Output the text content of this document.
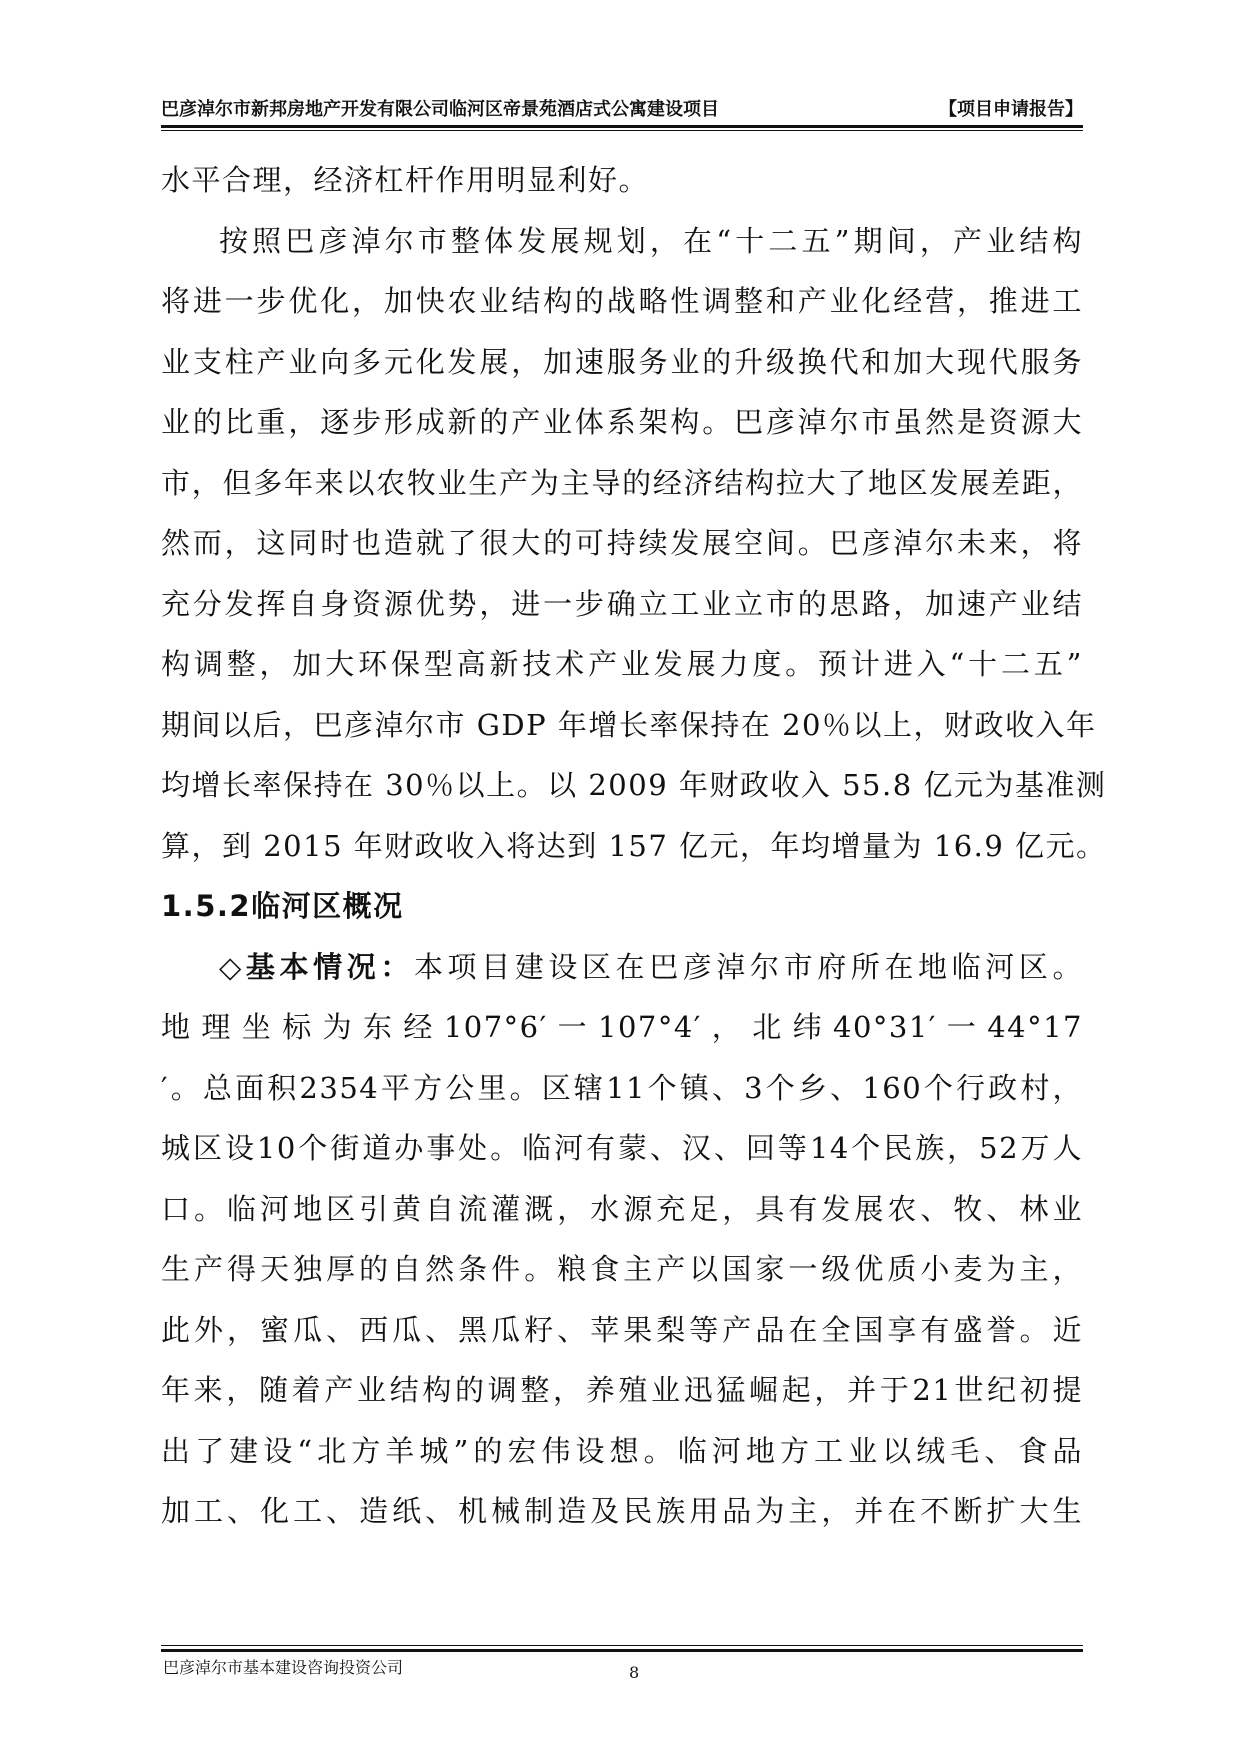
巴彦淖尔市新邦房地产开发有限公司临河区帝景苑酒店式公寓建设项目	【项目申请报告】
水平合理，经济杠杆作用明显利好。
按照巴彦淖尔市整体发展规划，在“十二五”期间，产业结构
将进一步优化，加快农业结构的战略性调整和产业化经营，推进工
业支柱产业向多元化发展，加速服务业的升级换代和加大现代服务
业的比重，逐步形成新的产业体系架构。巴彦淖尔市虽然是资源大
市，但多年来以农牧业生产为主导的经济结构拉大了地区发展差距，
然而，这同时也造就了很大的可持续发展空间。巴彦淖尔未来，将
充分发挥自身资源优势，进一步确立工业立市的思路，加速产业结
构调整，加大环保型高新技术产业发展力度。预计进入“十二五”
期间以后，巴彦淖尔市 GDP 年增长率保持在 20％以上，财政收入年
均增长率保持在 30％以上。以 2009 年财政收入 55.8 亿元为基准测
算，到 2015 年财政收入将达到 157 亿元，年均增量为 16.9 亿元。
1.5.2临河区概况
◇基本情况：本项目建设区在巴彦淖尔市府所在地临河区。
地理坐标为东经107°6′一107°4′，北纬40°31′一44°17
′。总面积2354平方公里。区辖11个镇、3个乡、160个行政村，
城区设10个街道办事处。临河有蒙、汉、回等14个民族，52万人
口。临河地区引黄自流灌溉，水源充足，具有发展农、牧、林业
生产得天独厚的自然条件。粮食主产以国家一级优质小麦为主，
此外，蜜瓜、西瓜、黑瓜籽、苹果梨等产品在全国享有盛誉。近
年来，随着产业结构的调整，养殖业迅猛崛起，并于21世纪初提
出了建设“北方羊城”的宏伟设想。临河地方工业以绒毛、食品
加工、化工、造纸、机械制造及民族用品为主，并在不断扩大生
巴彦淖尔市基本建设咨询投资公司	8
